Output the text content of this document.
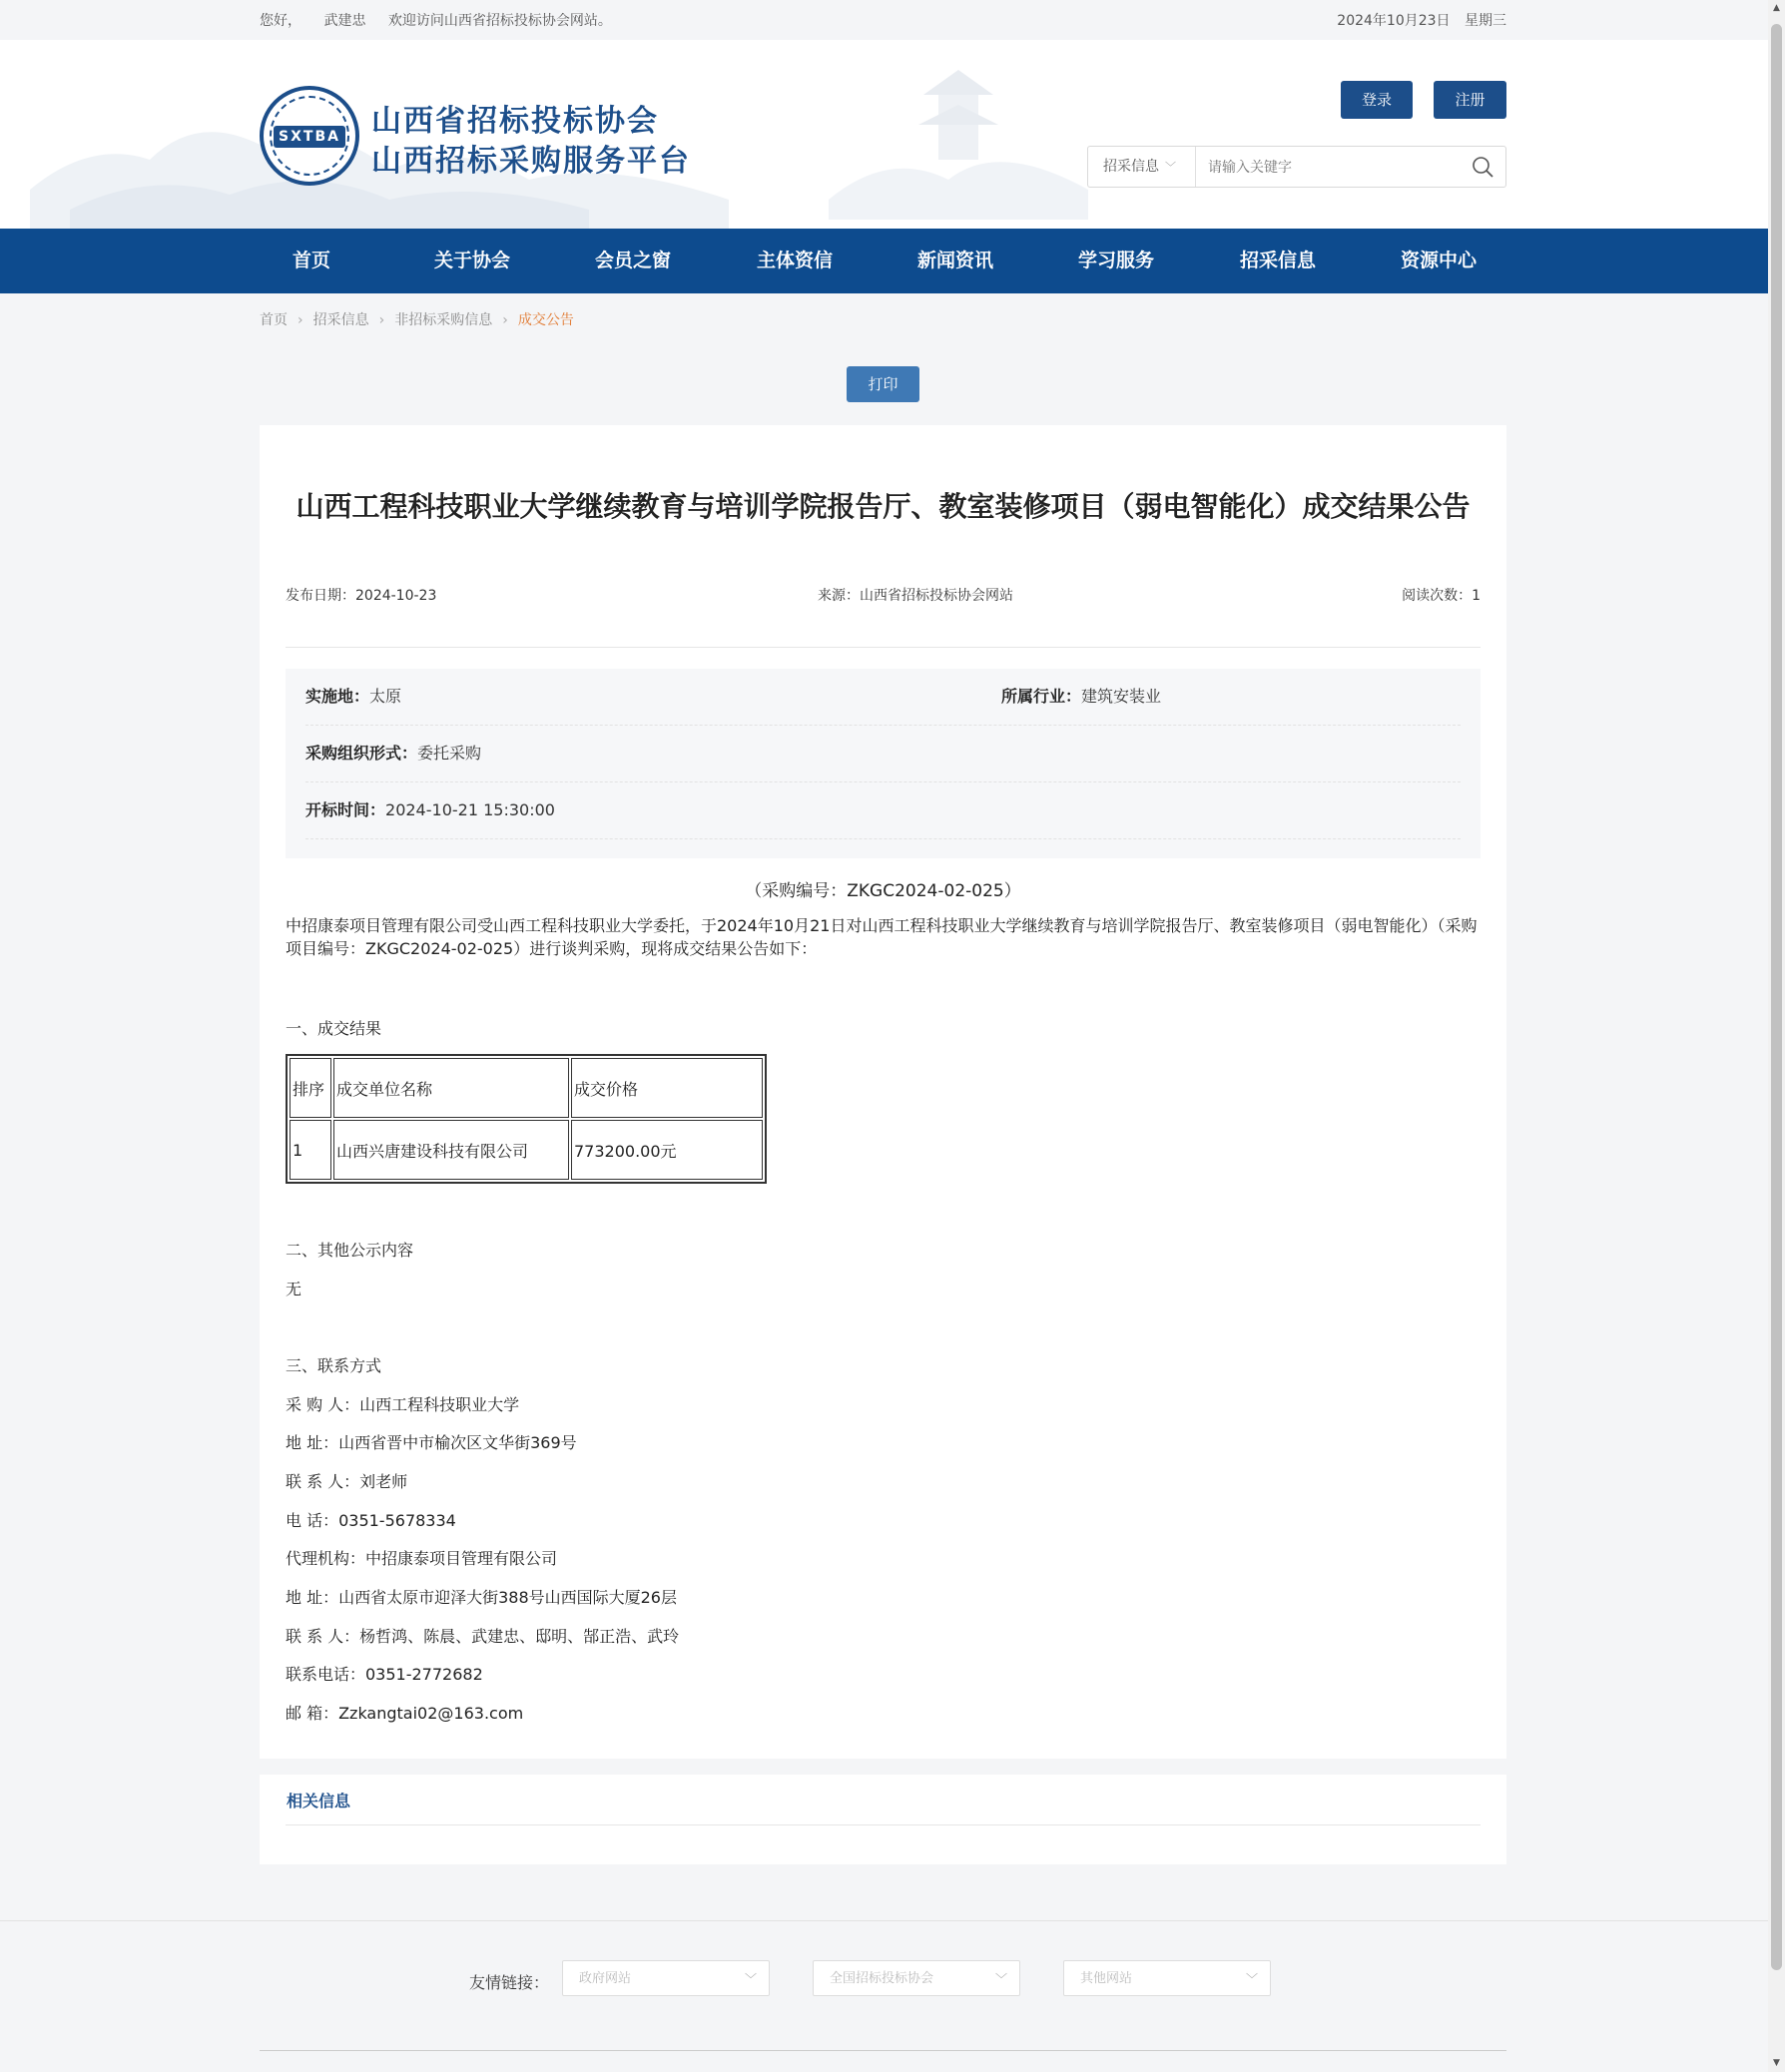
您好， 武建忠 欢迎访问山西省招标投标协会网站。	2024年10月23日 星期三
SXTBA 山西省招标投标协会
山西招标采购服务平台
登录	注册
招采信息 ﹀
请输入关键字
首页	关于协会	会员之窗	主体资信	新闻资讯	学习服务	招采信息	资源中心
首页 › 招采信息 › 非招标采购信息 › 成交公告
打印
山西工程科技职业大学继续教育与培训学院报告厅、教室装修项目（弱电智能化）成交结果公告
发布日期：2024-10-23	来源：山西省招标投标协会网站	阅读次数：1
实施地：太原	所属行业：建筑安装业
采购组织形式：委托采购
开标时间：2024-10-21 15:30:00
（采购编号：ZKGC2024-02-025）
中招康泰项目管理有限公司受山西工程科技职业大学委托，于2024年10月21日对山西工程科技职业大学继续教育与培训学院报告厅、教室装修项目（弱电智能化）（采购项目编号：ZKGC2024-02-025）进行谈判采购，现将成交结果公告如下：
一、成交结果
排序	成交单位名称	成交价格
1	山西兴唐建设科技有限公司	773200.00元
二、其他公示内容
无
三、联系方式
采 购 人：山西工程科技职业大学
地 址：山西省晋中市榆次区文华街369号
联 系 人：刘老师
电 话：0351-5678334
代理机构：中招康泰项目管理有限公司
地 址：山西省太原市迎泽大街388号山西国际大厦26层
联 系 人：杨哲鸿、陈晨、武建忠、邸明、郜正浩、武玲
联系电话：0351-2772682
邮 箱：Zzkangtai02@163.com
相关信息
友情链接：	政府网站	﹀	全国招标投标协会	﹀	其他网站	﹀
▲
▼
